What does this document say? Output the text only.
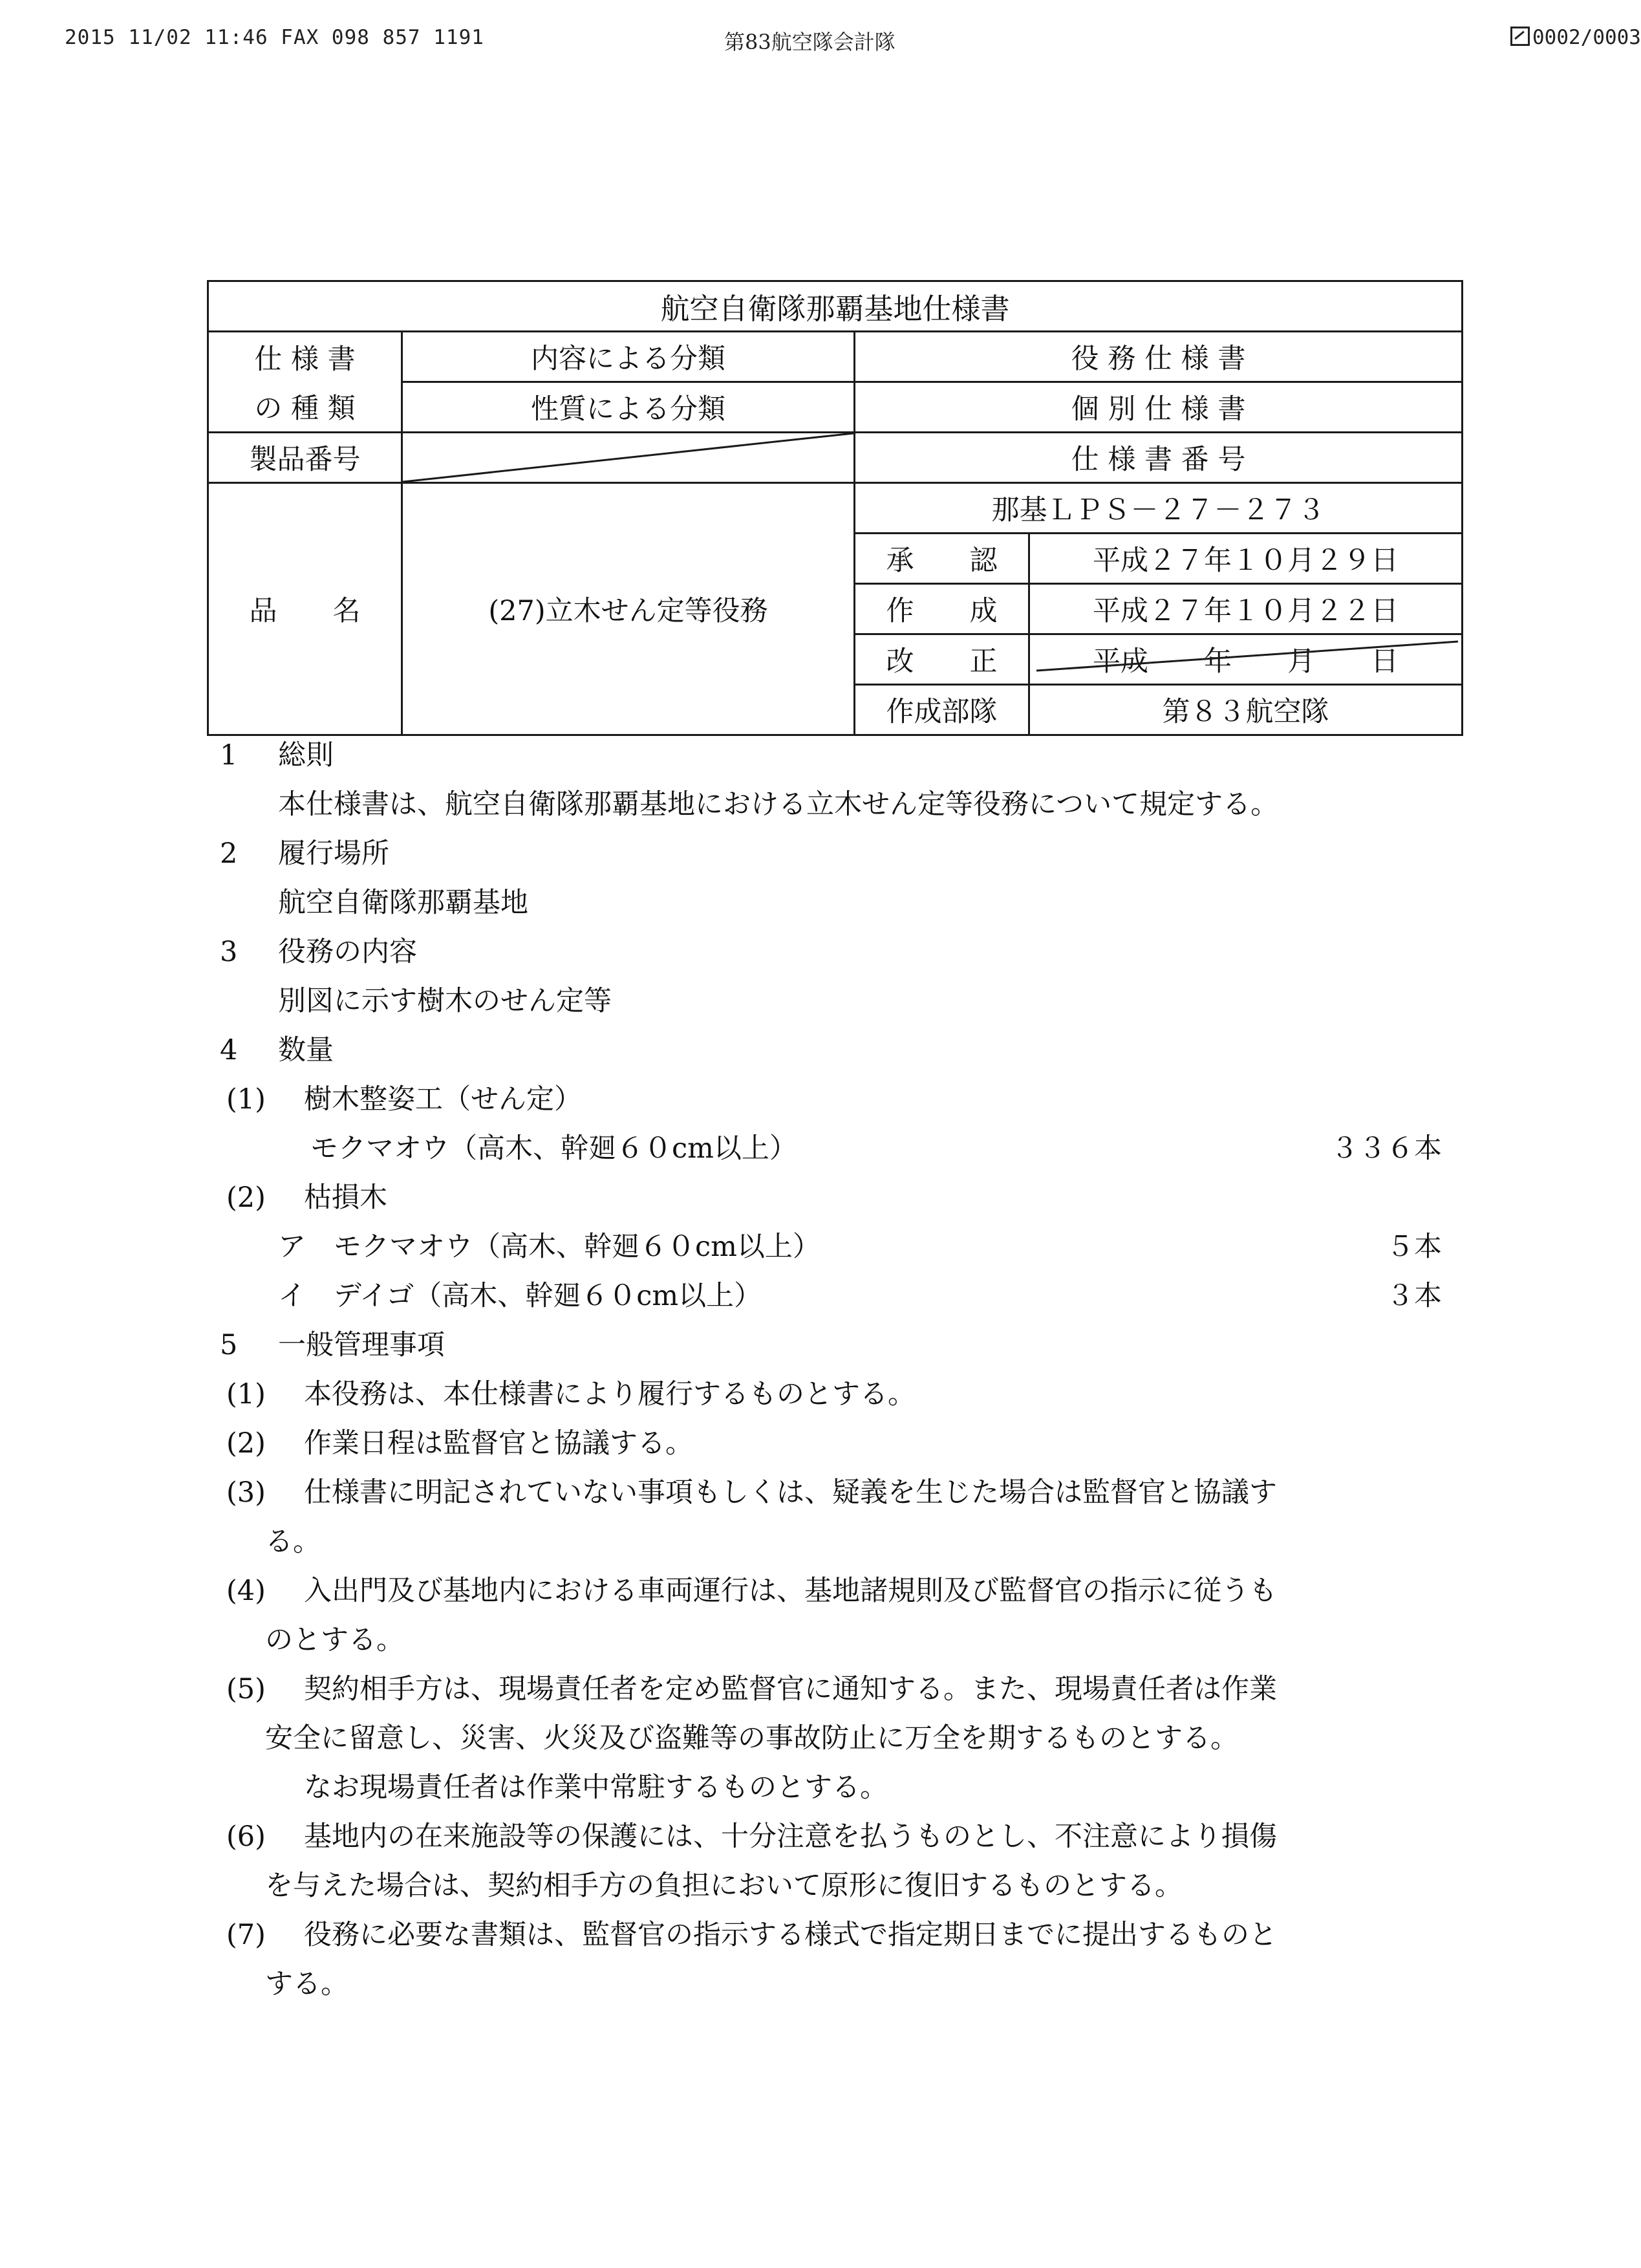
2015 11/02 11:46 FAX 098 857 1191	第83航空隊会計隊	0002/0003
航空自衛隊那覇基地仕様書			
仕 様 書	内容による分類	役 務 仕 様 書	
の 種 類	性質による分類	個 別 仕 様 書	
製品番号		仕 様 書 番 号	
品　　名	(27)立木せん定等役務	那基ＬＰＳ－２７－２７３	
		承　　認	平成２７年１０月２９日
		作　　成	平成２７年１０月２２日
		改　　正	平成　　年　　月　　日

		作成部隊	第８３航空隊
1 総則
本仕様書は、航空自衛隊那覇基地における立木せん定等役務について規定する。
2 履行場所
航空自衛隊那覇基地
3 役務の内容
別図に示す樹木のせん定等
4 数量
(1) 樹木整姿工（せん定）
モクマオウ（高木、幹廻６０cm以上）	３３６本
(2) 枯損木
ア　モクマオウ（高木、幹廻６０cm以上）	５本
イ　デイゴ（高木、幹廻６０cm以上）	３本
5 一般管理事項
(1) 本役務は、本仕様書により履行するものとする。
(2) 作業日程は監督官と協議する。
(3) 仕様書に明記されていない事項もしくは、疑義を生じた場合は監督官と協議す
る。
(4) 入出門及び基地内における車両運行は、基地諸規則及び監督官の指示に従うも
のとする。
(5) 契約相手方は、現場責任者を定め監督官に通知する。また、現場責任者は作業
安全に留意し、災害、火災及び盗難等の事故防止に万全を期するものとする。
なお現場責任者は作業中常駐するものとする。
(6) 基地内の在来施設等の保護には、十分注意を払うものとし、不注意により損傷
を与えた場合は、契約相手方の負担において原形に復旧するものとする。
(7) 役務に必要な書類は、監督官の指示する様式で指定期日までに提出するものと
する。
